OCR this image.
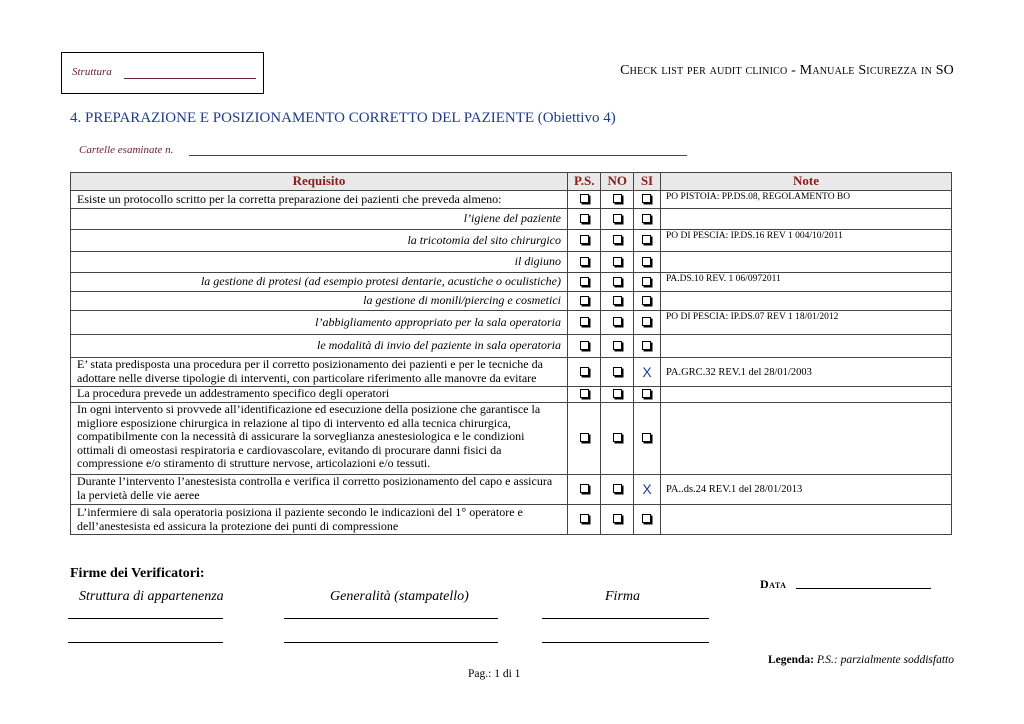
Struttura	Check list per audit clinico - Manuale Sicurezza in SO
4. PREPARAZIONE E POSIZIONAMENTO CORRETTO DEL PAZIENTE (Obiettivo 4)
Cartelle esaminate n.
Requisito	P.S.	NO	SI	Note
Esiste un protocollo scritto per la corretta preparazione dei pazienti che preveda almeno:				PO PISTOIA: PP.DS.08, REGOLAMENTO BO
l’igiene del paziente				
la tricotomia del sito chirurgico				PO DI PESCIA: IP.DS.16 REV 1 004/10/2011
il digiuno				
la gestione di protesi (ad esempio protesi dentarie, acustiche o oculistiche)				PA.DS.10 REV. 1 06/0972011
la gestione di monili/piercing e cosmetici				
l’abbigliamento appropriato per la sala operatoria				PO DI PESCIA: IP.DS.07 REV 1 18/01/2012
le modalità di invio del paziente in sala operatoria				
E’ stata predisposta una procedura per il corretto posizionamento dei pazienti e per le tecniche da adottare nelle diverse tipologie di interventi, con particolare riferimento alle manovre da evitare			X	PA.GRC.32 REV.1 del 28/01/2003
La procedura prevede un addestramento specifico degli operatori				
In ogni intervento si provvede all’identificazione ed esecuzione della posizione che garantisce la migliore esposizione chirurgica in relazione al tipo di intervento ed alla tecnica chirurgica, compatibilmente con la necessità di assicurare la sorveglianza anestesiologica e le condizioni ottimali di omeostasi respiratoria e cardiovascolare, evitando di procurare danni fisici da compressione e/o stiramento di strutture nervose, articolazioni e/o tessuti.				
Durante l’intervento l’anestesista controlla e verifica il corretto posizionamento del capo e assicura la pervietà delle vie aeree			X	PA..ds.24 REV.1 del 28/01/2013
L’infermiere di sala operatoria posiziona il paziente secondo le indicazioni del 1° operatore e dell’anestesista ed assicura la protezione dei punti di compressione				
Firme dei Verificatori:
Struttura di appartenenza	Generalità (stampatello)	Firma
Data
Legenda: P.S.: parzialmente soddisfatto
Pag.: 1 di 1
